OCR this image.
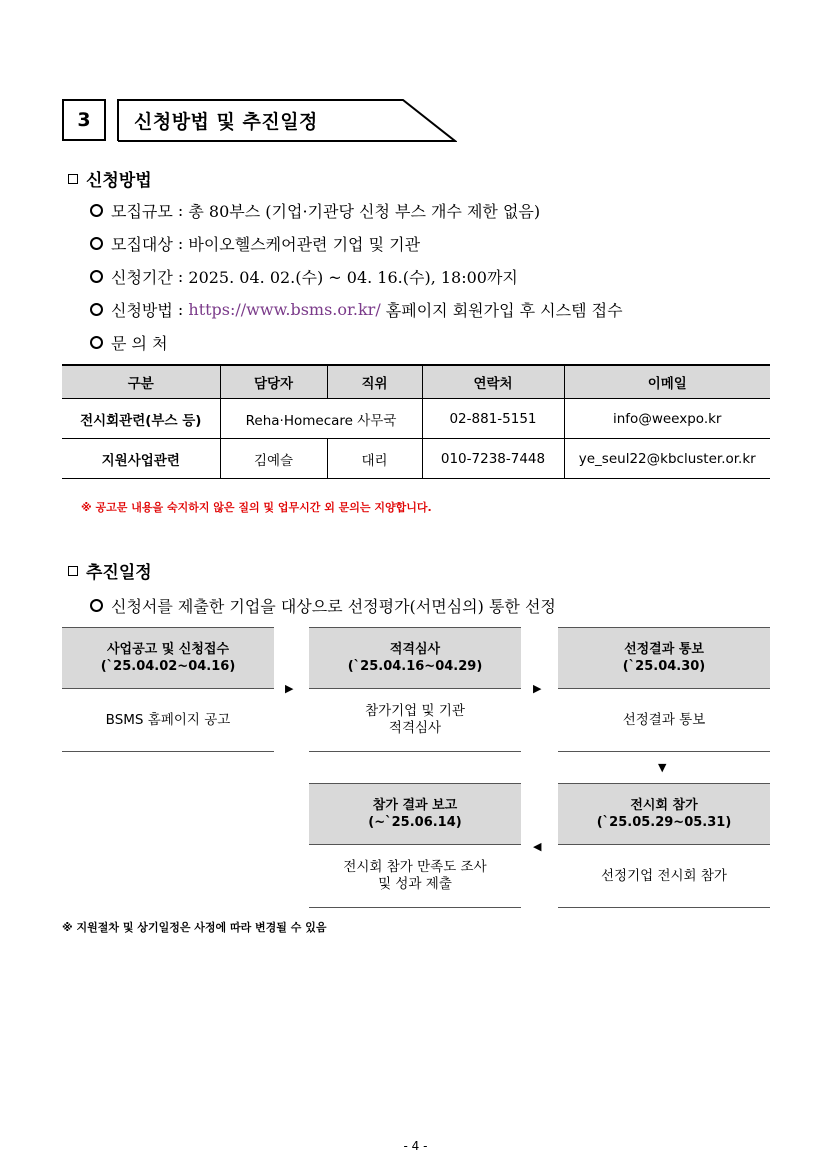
3	신청방법 및 추진일정
신청방법
모집규모 : 총 80부스 (기업·기관당 신청 부스 개수 제한 없음)
모집대상 : 바이오헬스케어관련 기업 및 기관
신청기간 : 2025. 04. 02.(수) ~ 04. 16.(수), 18:00까지
신청방법 : https://www.bsms.or.kr/ 홈페이지 회원가입 후 시스템 접수
문 의 처
구분	담당자	직위	연락처	이메일
전시회관련(부스 등)	Reha·Homecare 사무국		02-881-5151	info@weexpo.kr
지원사업관련	김예슬	대리	010-7238-7448	ye_seul22@kbcluster.or.kr
※ 공고문 내용을 숙지하지 않은 질의 및 업무시간 외 문의는 지양합니다.
추진일정
신청서를 제출한 기업을 대상으로 선정평가(서면심의) 통한 선정
사업공고 및 신청접수
(`25.04.02~04.16)
BSMS 홈페이지 공고
▶
적격심사
(`25.04.16~04.29)
참가기업 및 기관
적격심사
▶
선정결과 통보
(`25.04.30)
선정결과 통보
▼
참가 결과 보고
(~`25.06.14)
전시회 참가 만족도 조사
및 성과 제출
◀
전시회 참가
(`25.05.29~05.31)
선정기업 전시회 참가
※ 지원절차 및 상기일정은 사정에 따라 변경될 수 있음
- 4 -
